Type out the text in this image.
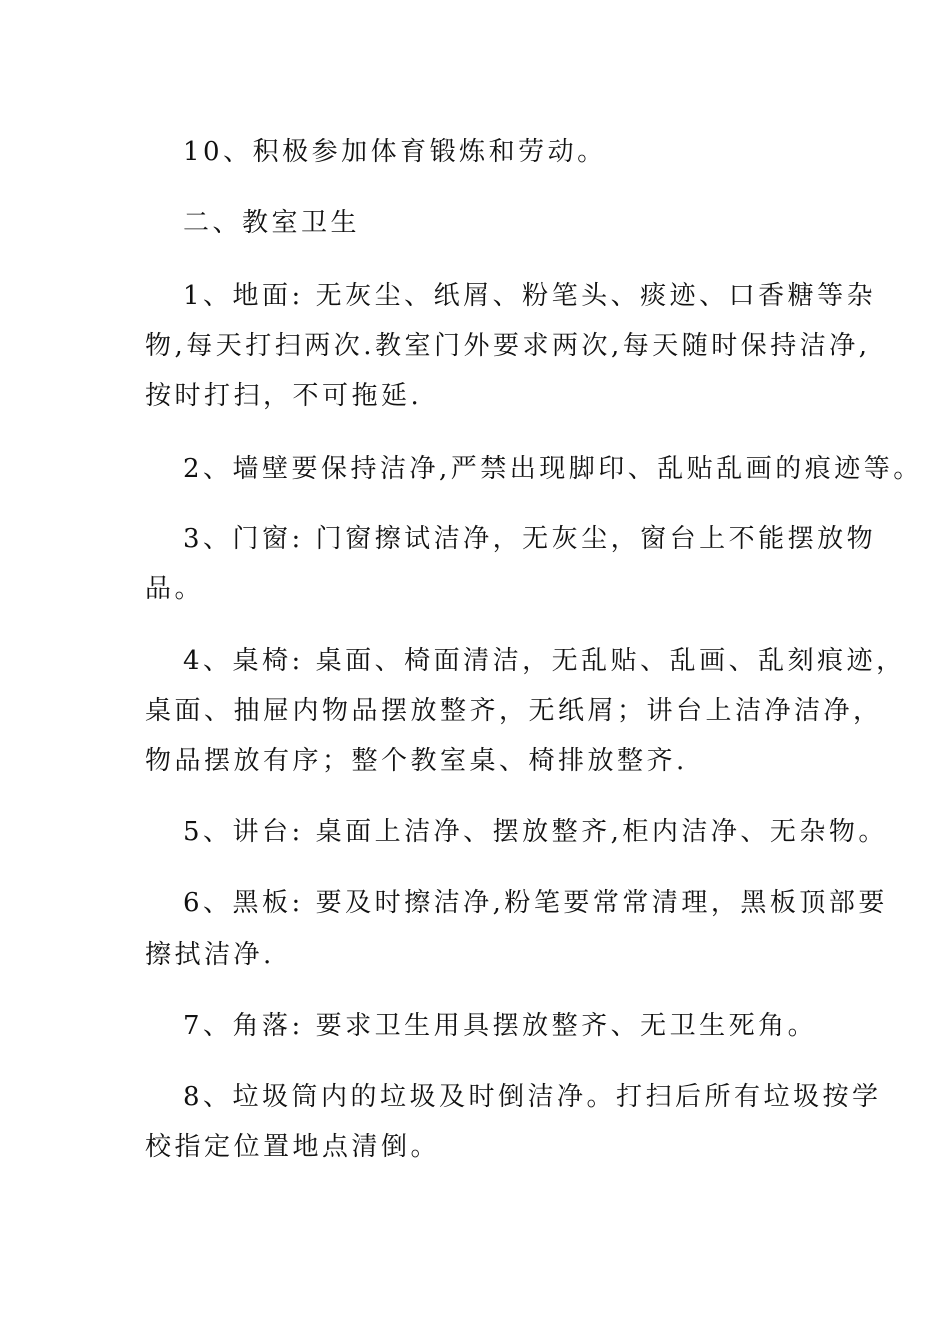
10、积极参加体育锻炼和劳动。

二、教室卫生

1、地面: 无灰尘、纸屑、粉笔头、痰迹、口香糖等杂

物,每天打扫两次.教室门外要求两次,每天随时保持洁净,

按时打扫，不可拖延.

2、墙壁要保持洁净,严禁出现脚印、乱贴乱画的痕迹等。

3、门窗: 门窗擦试洁净，无灰尘，窗台上不能摆放物

品。

4、桌椅: 桌面、椅面清洁，无乱贴、乱画、乱刻痕迹，

桌面、抽屉内物品摆放整齐，无纸屑；讲台上洁净洁净，

物品摆放有序；整个教室桌、椅排放整齐.

5、讲台: 桌面上洁净、摆放整齐,柜内洁净、无杂物。

6、黑板: 要及时擦洁净,粉笔要常常清理，黑板顶部要

擦拭洁净.

7、角落: 要求卫生用具摆放整齐、无卫生死角。

8、垃圾筒内的垃圾及时倒洁净。打扫后所有垃圾按学

校指定位置地点清倒。
